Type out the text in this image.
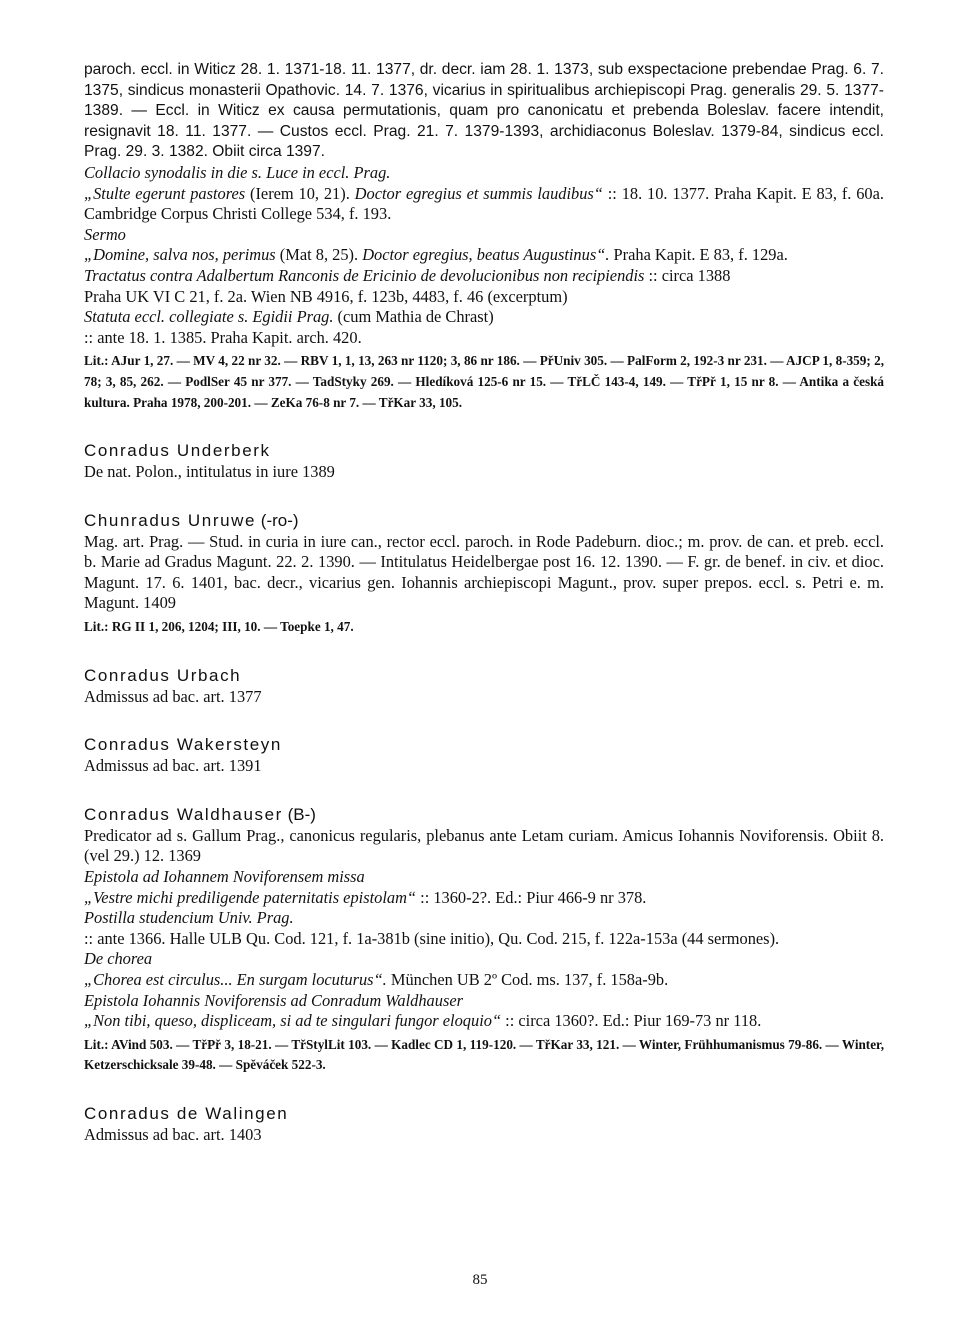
paroch. eccl. in Witicz 28. 1. 1371-18. 11. 1377, dr. decr. iam 28. 1. 1373, sub exspectacione prebendae Prag. 6. 7. 1375, sindicus monasterii Opathovic. 14. 7. 1376, vicarius in spiritualibus archiepiscopi Prag. generalis 29. 5. 1377-1389. — Eccl. in Witicz ex causa permutationis, quam pro canonicatu et prebenda Boleslav. facere intendit, resignavit 18. 11. 1377. — Custos eccl. Prag. 21. 7. 1379-1393, archidiaconus Boleslav. 1379-84, sindicus eccl. Prag. 29. 3. 1382. Obiit circa 1397.

Collacio synodalis in die s. Luce in eccl. Prag.

„Stulte egerunt pastores (Ierem 10, 21). Doctor egregius et summis laudibus“ :: 18. 10. 1377. Praha Kapit. E 83, f. 60a. Cambridge Corpus Christi College 534, f. 193.

Sermo

„Domine, salva nos, perimus (Mat 8, 25). Doctor egregius, beatus Augustinus“. Praha Kapit. E 83, f. 129a.

Tractatus contra Adalbertum Ranconis de Ericinio de devolucionibus non recipiendis :: circa 1388

Praha UK VI C 21, f. 2a. Wien NB 4916, f. 123b, 4483, f. 46 (excerptum)

Statuta eccl. collegiate s. Egidii Prag. (cum Mathia de Chrast)

:: ante 18. 1. 1385. Praha Kapit. arch. 420.

Lit.: AJur 1, 27. — MV 4, 22 nr 32. — RBV 1, 1, 13, 263 nr 1120; 3, 86 nr 186. — PřUniv 305. — PalForm 2, 192-3 nr 231. — AJCP 1, 8-359; 2, 78; 3, 85, 262. — PodlSer 45 nr 377. — TadStyky 269. — Hledíková 125-6 nr 15. — TřLČ 143-4, 149. — TřPř 1, 15 nr 8. — Antika a česká kultura. Praha 1978, 200-201. — ZeKa 76-8 nr 7. — TřKar 33, 105.

Conradus Underberk

De nat. Polon., intitulatus in iure 1389

Chunradus Unruwe (-ro-)

Mag. art. Prag. — Stud. in curia in iure can., rector eccl. paroch. in Rode Padeburn. dioc.; m. prov. de can. et preb. eccl. b. Marie ad Gradus Magunt. 22. 2. 1390. — Intitulatus Heidelbergae post 16. 12. 1390. — F. gr. de benef. in civ. et dioc. Magunt. 17. 6. 1401, bac. decr., vicarius gen. Iohannis archiepiscopi Magunt., prov. super prepos. eccl. s. Petri e. m. Magunt. 1409

Lit.: RG II 1, 206, 1204; III, 10. — Toepke 1, 47.

Conradus Urbach

Admissus ad bac. art. 1377

Conradus Wakersteyn

Admissus ad bac. art. 1391

Conradus Waldhauser (B-)

Predicator ad s. Gallum Prag., canonicus regularis, plebanus ante Letam curiam. Amicus Iohannis Noviforensis. Obiit 8. (vel 29.) 12. 1369

Epistola ad Iohannem Noviforensem missa

„Vestre michi prediligende paternitatis epistolam“ :: 1360-2?. Ed.: Piur 466-9 nr 378.

Postilla studencium Univ. Prag.

:: ante 1366. Halle ULB Qu. Cod. 121, f. 1a-381b (sine initio), Qu. Cod. 215, f. 122a-153a (44 sermones).

De chorea

„Chorea est circulus... En surgam locuturus“. München UB 2º Cod. ms. 137, f. 158a-9b.

Epistola Iohannis Noviforensis ad Conradum Waldhauser

„Non tibi, queso, displiceam, si ad te singulari fungor eloquio“ :: circa 1360?. Ed.: Piur 169-73 nr 118.

Lit.: AVind 503. — TřPř 3, 18-21. — TřStylLit 103. — Kadlec CD 1, 119-120. — TřKar 33, 121. — Winter, Frühhumanismus 79-86. — Winter, Ketzerschicksale 39-48. — Spěváček 522-3.

Conradus de Walingen

Admissus ad bac. art. 1403

85
